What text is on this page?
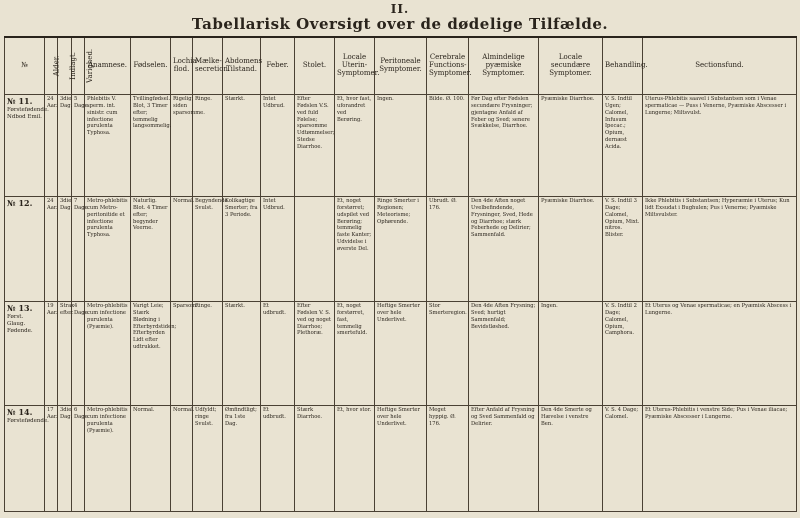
II.
Tabellarisk Oversigt over de dødelige Tilfælde.
№	Alder.	Indlagt.	Varighed.	Anamnese.	Fødselen.	Lochia-flod.	Mælke-secretion.	Abdomens Tilstand.	Feber.	Stolet.	Locale Uterin-Symptomer.	Peritoneale Symptomer.	Cerebrale Functions-Symptomer.	Almindelige pyæmiske Symptomer.	Locale secundære Symptomer.	Behandling.	Sectionsfund.

№ 11.
Førstefødende.
Ndbod Emil.	24 Aar.	3die Dag.	5 Dage.	Phlebitis V. sperm. int. sinistr. cum infectione purulenta Typhosa.	Tvillingfødsel. Blot, 3 Timer efter; temmelig langsommelig.	Rigelig; siden sparsomme.	Ringe.	Stærkt.	Intet Udbrud.	Efter Fødslen V.S. ved fuld Følelse; sparsomme Udtømmelser; Stedse Diarrhoe.	Et, hvor fast, uforandret ved Berøring.	Ingen.	Bilde. Ø. 100.	Før Dag efter Fødslen secundære Frysninger; gjentagne Anfald af Feber og Sved; senere Svækkelse, Diarrhoe.	Pyæmiske Diarrhoe.	V. S. Indtil Ugen; Calomel, Infusum Ipecac.; Opium, dernæst Acida.	Uterus-Phlebitis saavel i Substantsen som i Venae spermaticae — Puss i Venerne, Pyæmiske Abscesser i Lungerne; Miltsvulst.

№ 12.	24 Aar.	3die Dag.	7 Dage.	Metro-phlebitis cum Metro-peritonitide et infectione purulenta Typhosa.	Naturlig. Blot. 4 Timer efter; begynder Veerne.	Normal.	Begyndende Svulst.	Kolikagtige Smerter; fra 3 Periode.	Intet Udbrud.		Et, noget forstørret; udspilet ved Berøring; temmelig faste Kanter; Udvidelse i øverste Del.	Ringe Smerter i Regionen; Meteorisme; Ophørende.	Ubrudt. Ø. 176.	Den 4de Aften noget Uvelbefindende, Frysninger, Sved, Hede og Diarrhoe; stærk Feberhede og Delirier; Sammenfald.	Pyæmiske Diarrhoe.	V. S. Indtil 3 Dage; Calomel, Opium, Mixt. nitros. Blister.	Ikke Phlebitis i Substantsen; Hyperæmie i Uterus; Kun lidt Exsudat i Bughulen; Pus i Venerne; Pyæmiske Miltsvulster.

№ 13.
Først. Glaug.
Fødende.	19 Aar.	Strax efter.	4 Dage.	Metro-phlebitis cum infectione purulenta (Pyæmie).	Varigt Leie; Stærk Blødning i Efterbyrdstiden; Efterbyrden Lidt efter udtrukket.	Sparsom.	Ringe.	Stærkt.	Et udbrudt.	Efter Fødslen V. S. ved og noget Diarrhoe; Plethoræ.	Et, noget forstørret, fast, temmelig smertefuld.	Heftige Smerter over hele Underlivet.	Stor Smerteregion.	Den 4de Aften Frysning; Sved; hurtigt Sammenfald; Bevidstløshed.	Ingen.	V. S. Indtil 2 Dage; Calomel, Opium, Camphora.	Et Uterus og Venae spermaticae; en Pyæmisk Abscess i Lungerne.

№ 14.
Førstefødende.	17 Aar.	3die Dag.	6 Dage.	Metro-phlebitis cum infectione purulenta (Pyæmie).	Normal.	Normal.	Udfyldt; ringe Svulst.	Ømfindtligt; fra 1ste Dag.	Et udbrudt.	Stærk Diarrhoe.	Et, hvor stor.	Heftige Smerter over hele Underlivet.	Meget hyppig. Ø. 176.	Efter Anfald af Frysning og Sved Sammenfald og Delirier.	Den 4de Smerte og Hævelse i venstre Ben.	V. S. 4 Dage; Calomel.	Et Uterus-Phlebitis i venstre Side; Pus i Venae iliacae; Pyæmiske Abscesser i Lungerne.
